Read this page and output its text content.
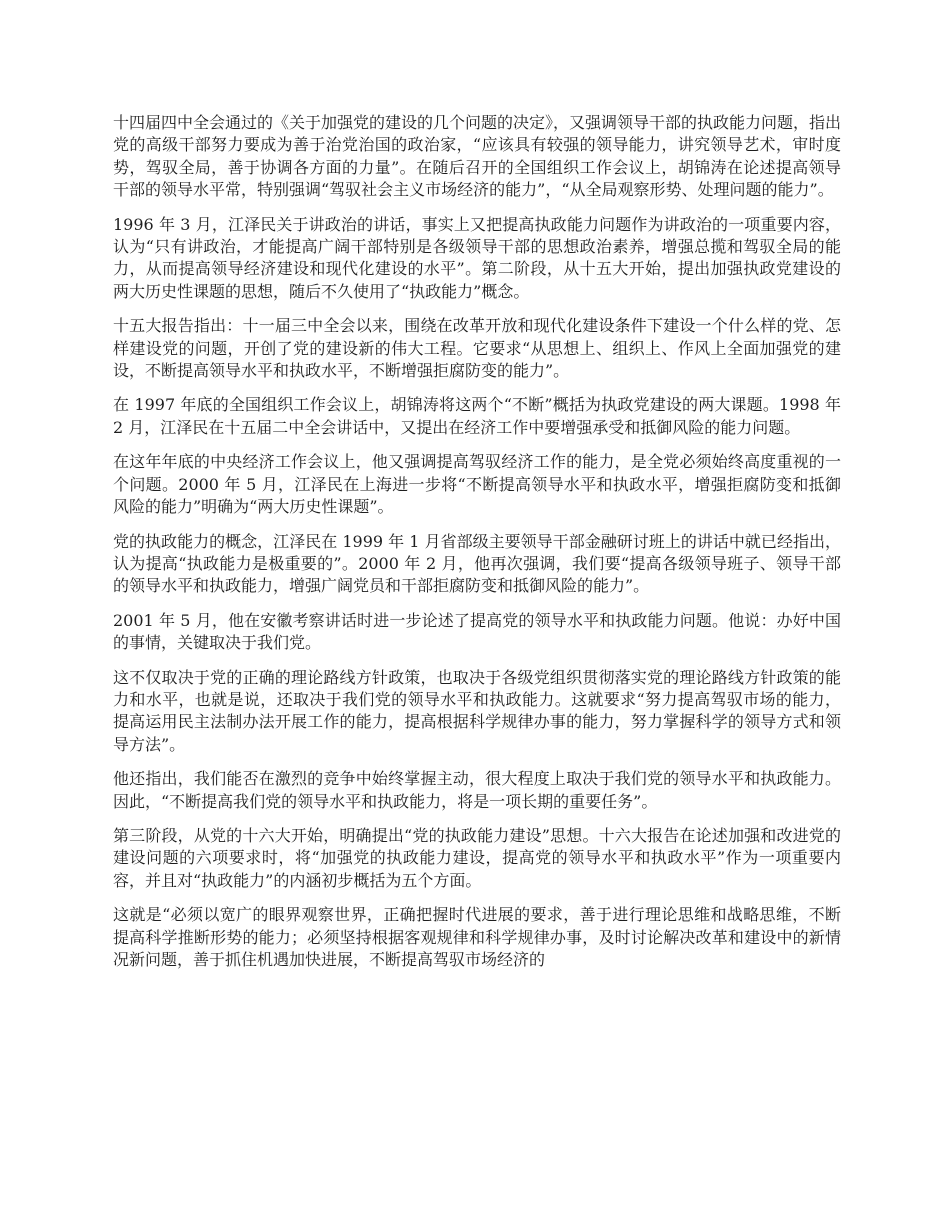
十四届四中全会通过的《关于加强党的建设的几个问题的决定》，又强调领导干部的执政能力问题，指出党的高级干部努力要成为善于治党治国的政治家，“应该具有较强的领导能力，讲究领导艺术，审时度势，驾驭全局，善于协调各方面的力量”。在随后召开的全国组织工作会议上，胡锦涛在论述提高领导干部的领导水平常，特别强调“驾驭社会主义市场经济的能力”，“从全局观察形势、处理问题的能力”。

1996 年 3 月，江泽民关于讲政治的讲话，事实上又把提高执政能力问题作为讲政治的一项重要内容，认为“只有讲政治，才能提高广阔干部特别是各级领导干部的思想政治素养，增强总揽和驾驭全局的能力，从而提高领导经济建设和现代化建设的水平”。第二阶段，从十五大开始，提出加强执政党建设的两大历史性课题的思想，随后不久使用了“执政能力”概念。

十五大报告指出：十一届三中全会以来，围绕在改革开放和现代化建设条件下建设一个什么样的党、怎样建设党的问题，开创了党的建设新的伟大工程。它要求“从思想上、组织上、作风上全面加强党的建设，不断提高领导水平和执政水平，不断增强拒腐防变的能力”。

在 1997 年底的全国组织工作会议上，胡锦涛将这两个“不断”概括为执政党建设的两大课题。1998 年 2 月，江泽民在十五届二中全会讲话中，又提出在经济工作中要增强承受和抵御风险的能力问题。

在这年年底的中央经济工作会议上，他又强调提高驾驭经济工作的能力，是全党必须始终高度重视的一个问题。2000 年 5 月，江泽民在上海进一步将“不断提高领导水平和执政水平，增强拒腐防变和抵御风险的能力”明确为“两大历史性课题”。

党的执政能力的概念，江泽民在 1999 年 1 月省部级主要领导干部金融研讨班上的讲话中就已经指出，认为提高“执政能力是极重要的”。2000 年 2 月，他再次强调，我们要“提高各级领导班子、领导干部的领导水平和执政能力，增强广阔党员和干部拒腐防变和抵御风险的能力”。

2001 年 5 月，他在安徽考察讲话时进一步论述了提高党的领导水平和执政能力问题。他说：办好中国的事情，关键取决于我们党。

这不仅取决于党的正确的理论路线方针政策，也取决于各级党组织贯彻落实党的理论路线方针政策的能力和水平，也就是说，还取决于我们党的领导水平和执政能力。这就要求“努力提高驾驭市场的能力，提高运用民主法制办法开展工作的能力，提高根据科学规律办事的能力，努力掌握科学的领导方式和领导方法”。

他还指出，我们能否在激烈的竞争中始终掌握主动，很大程度上取决于我们党的领导水平和执政能力。因此，“不断提高我们党的领导水平和执政能力，将是一项长期的重要任务”。

第三阶段，从党的十六大开始，明确提出“党的执政能力建设”思想。十六大报告在论述加强和改进党的建设问题的六项要求时，将“加强党的执政能力建设，提高党的领导水平和执政水平”作为一项重要内容，并且对“执政能力”的内涵初步概括为五个方面。

这就是“必须以宽广的眼界观察世界，正确把握时代进展的要求，善于进行理论思维和战略思维，不断提高科学推断形势的能力；必须坚持根据客观规律和科学规律办事，及时讨论解决改革和建设中的新情况新问题，善于抓住机遇加快进展，不断提高驾驭市场经济的
